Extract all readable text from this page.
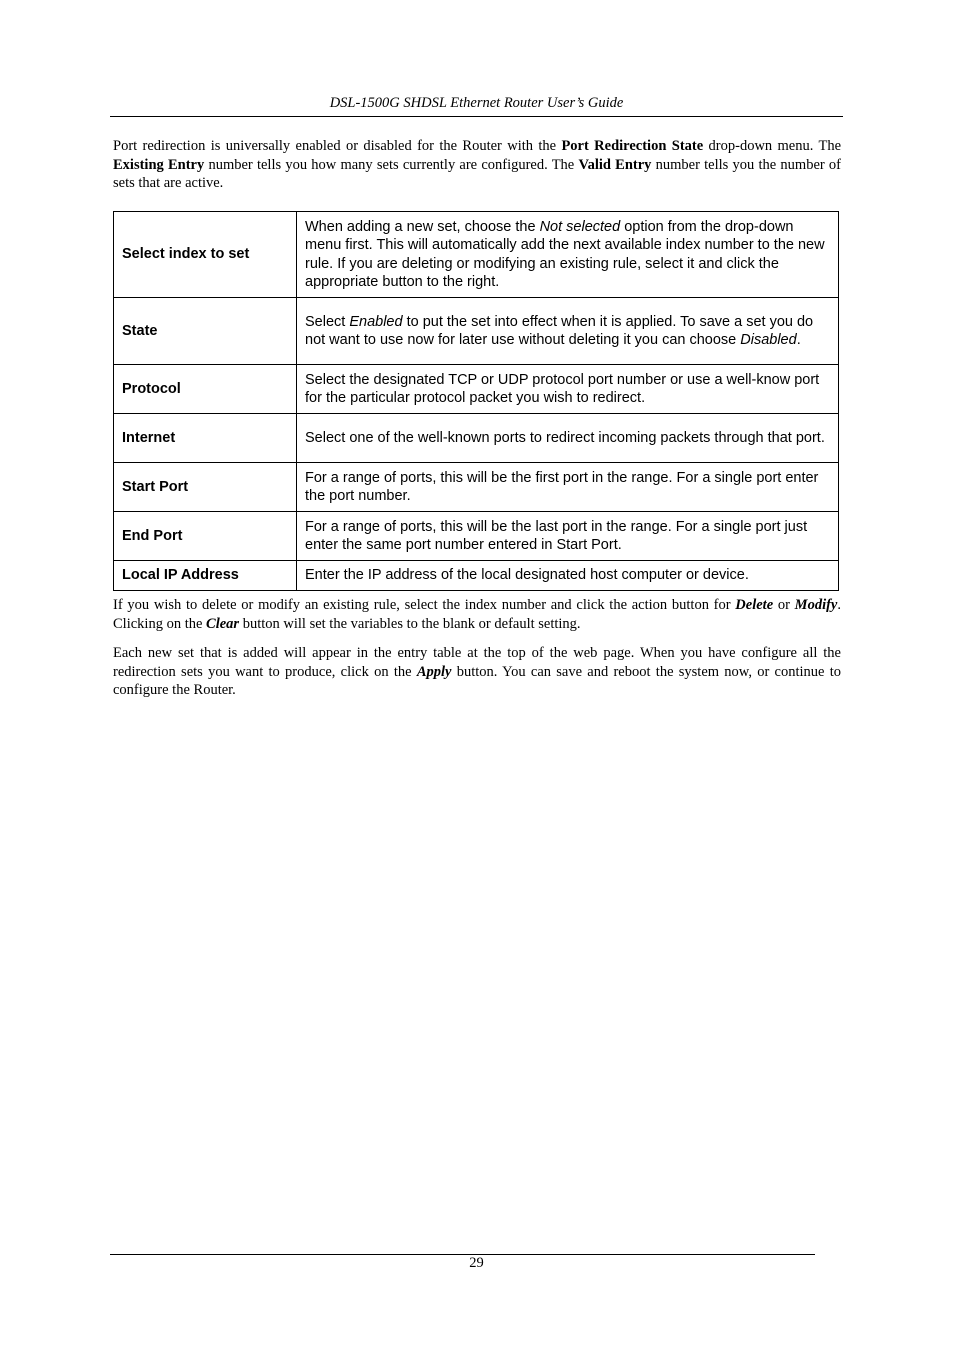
DSL-1500G SHDSL Ethernet Router User’s Guide

Port redirection is universally enabled or disabled for the Router with the Port Redirection State drop-down menu. The Existing Entry number tells you how many sets currently are configured. The Valid Entry number tells you the number of sets that are active.

Select index to set	When adding a new set, choose the Not selected option from the drop-down menu first. This will automatically add the next available index number to the new rule. If you are deleting or modifying an existing rule, select it and click the appropriate button to the right.
State	Select Enabled to put the set into effect when it is applied. To save a set you do not want to use now for later use without deleting it you can choose Disabled.
Protocol	Select the designated TCP or UDP protocol port number or use a well-know port for the particular protocol packet you wish to redirect.
Internet	Select one of the well-known ports to redirect incoming packets through that port.
Start Port	For a range of ports, this will be the first port in the range. For a single port enter the port number.
End Port	For a range of ports, this will be the last port in the range. For a single port just enter the same port number entered in Start Port.
Local IP Address	Enter the IP address of the local designated host computer or device.

If you wish to delete or modify an existing rule, select the index number and click the action button for Delete or Modify. Clicking on the Clear button will set the variables to the blank or default setting.

Each new set that is added will appear in the entry table at the top of the web page. When you have configure all the redirection sets you want to produce, click on the Apply button. You can save and reboot the system now, or continue to configure the Router.

29
